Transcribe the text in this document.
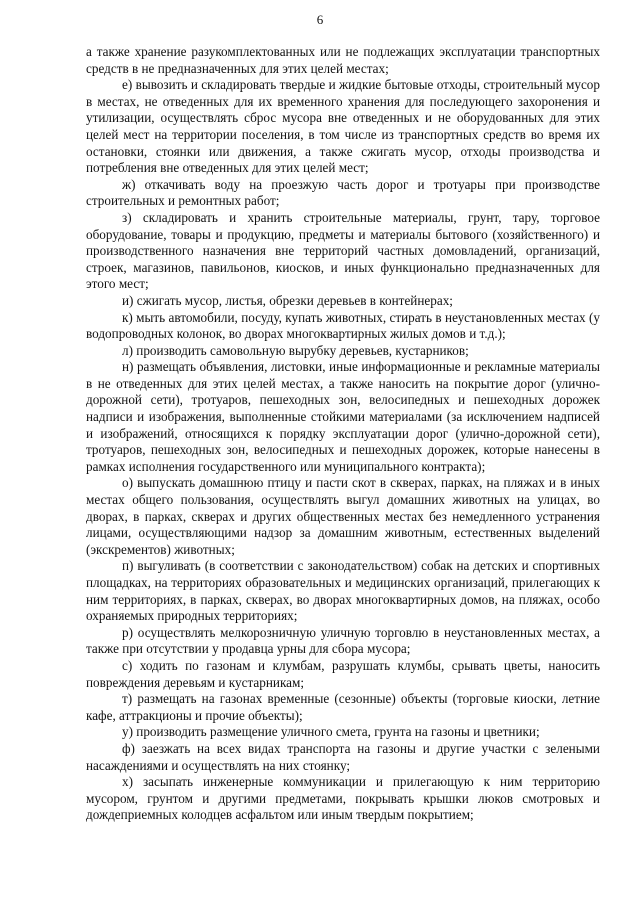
6

а также хранение разукомплектованных или не подлежащих эксплуатации транспортных средств в не предназначенных для этих целей местах;

е) вывозить и складировать твердые и жидкие бытовые отходы, строительный мусор в местах, не отведенных для их временного хранения для последующего захоронения и утилизации, осуществлять сброс мусора вне отведенных и не оборудованных для этих целей мест на территории поселения, в том числе из транспортных средств во время их остановки, стоянки или движения, а также сжигать мусор, отходы производства и потребления вне отведенных для этих целей мест;

ж) откачивать воду на проезжую часть дорог и тротуары при производстве строительных и ремонтных работ;

з) складировать и хранить строительные материалы, грунт, тару, торговое оборудование, товары и продукцию, предметы и материалы бытового (хозяйственного) и производственного назначения вне территорий частных домовладений, организаций, строек, магазинов, павильонов, киосков, и иных функционально предназначенных для этого мест;

и) сжигать мусор, листья, обрезки деревьев в контейнерах;

к) мыть автомобили, посуду, купать животных, стирать в неустановленных местах (у водопроводных колонок, во дворах многоквартирных жилых домов и т.д.);

л) производить самовольную вырубку деревьев, кустарников;

н) размещать объявления, листовки, иные информационные и рекламные материалы в не отведенных для этих целей местах, а также наносить на покрытие дорог (улично-дорожной сети), тротуаров, пешеходных зон, велосипедных и пешеходных дорожек надписи и изображения, выполненные стойкими материалами (за исключением надписей и изображений, относящихся к порядку эксплуатации дорог (улично-дорожной сети), тротуаров, пешеходных зон, велосипедных и пешеходных дорожек, которые нанесены в рамках исполнения государственного или муниципального контракта);

о) выпускать домашнюю птицу и пасти скот в скверах, парках, на пляжах и в иных местах общего пользования, осуществлять выгул домашних животных на улицах, во дворах, в парках, скверах и других общественных местах без немедленного устранения лицами, осуществляющими надзор за домашним животным, естественных выделений (экскрементов) животных;

п) выгуливать (в соответствии с законодательством) собак на детских и спортивных площадках, на территориях образовательных и медицинских организаций, прилегающих к ним территориях, в парках, скверах, во дворах многоквартирных домов, на пляжах, особо охраняемых природных территориях;

р) осуществлять мелкорозничную уличную торговлю в неустановленных местах, а также при отсутствии у продавца урны для сбора мусора;

с) ходить по газонам и клумбам, разрушать клумбы, срывать цветы, наносить повреждения деревьям и кустарникам;

т) размещать на газонах временные (сезонные) объекты (торговые киоски, летние кафе, аттракционы и прочие объекты);

у) производить размещение уличного смета, грунта на газоны и цветники;

ф) заезжать на всех видах транспорта на газоны и другие участки с зелеными насаждениями и осуществлять на них стоянку;

х) засыпать инженерные коммуникации и прилегающую к ним территорию мусором, грунтом и другими предметами, покрывать крышки люков смотровых и дождеприемных колодцев асфальтом или иным твердым покрытием;
